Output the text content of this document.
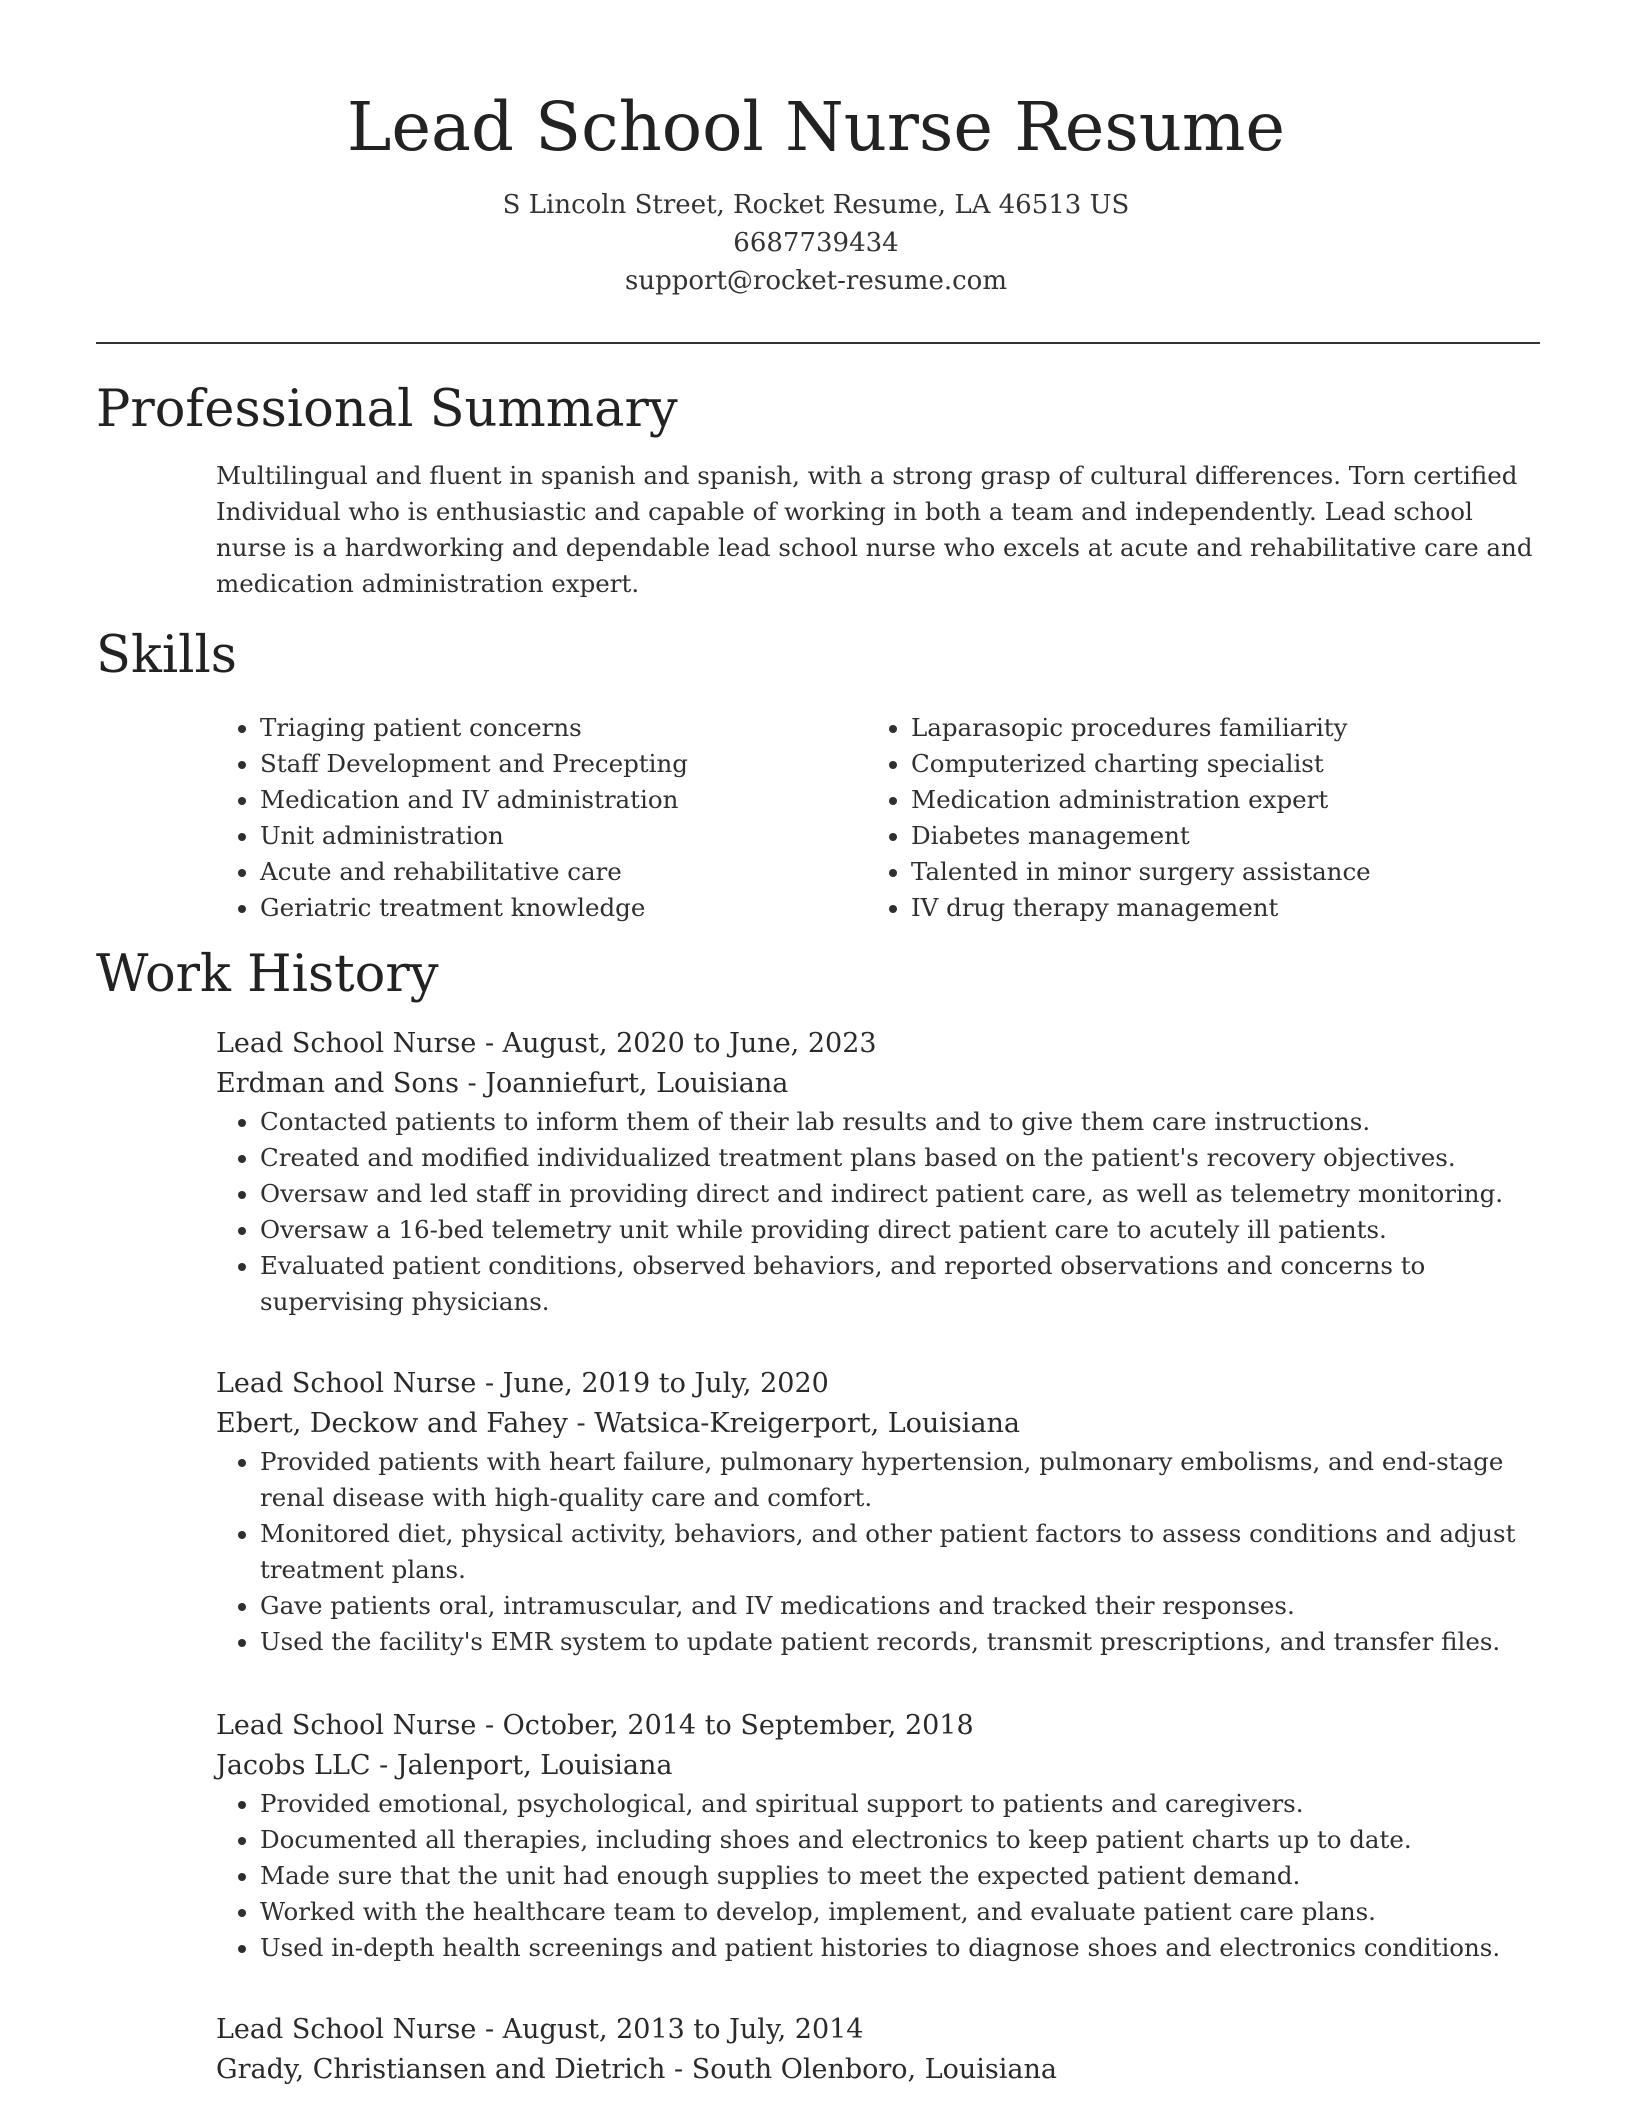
Lead School Nurse Resume
S Lincoln Street, Rocket Resume, LA 46513 US
6687739434
support@rocket-resume.com
Professional Summary

Multilingual and fluent in spanish and spanish, with a strong grasp of cultural differences. Torn certified Individual who is enthusiastic and capable of working in both a team and independently. Lead school nurse is a hardworking and dependable lead school nurse who excels at acute and rehabilitative care and medication administration expert.

Skills
• Triaging patient concerns
• Staff Development and Precepting
• Medication and IV administration
• Unit administration
• Acute and rehabilitative care
• Geriatric treatment knowledge
• Laparasopic procedures familiarity
• Computerized charting specialist
• Medication administration expert
• Diabetes management
• Talented in minor surgery assistance
• IV drug therapy management
Work History
Lead School Nurse - August, 2020 to June, 2023
Erdman and Sons - Joanniefurt, Louisiana
• Contacted patients to inform them of their lab results and to give them care instructions.
• Created and modified individualized treatment plans based on the patient's recovery objectives.
• Oversaw and led staff in providing direct and indirect patient care, as well as telemetry monitoring.
• Oversaw a 16-bed telemetry unit while providing direct patient care to acutely ill patients.
• Evaluated patient conditions, observed behaviors, and reported observations and concerns to supervising physicians.
Lead School Nurse - June, 2019 to July, 2020
Ebert, Deckow and Fahey - Watsica-Kreigerport, Louisiana
• Provided patients with heart failure, pulmonary hypertension, pulmonary embolisms, and end-stage renal disease with high-quality care and comfort.
• Monitored diet, physical activity, behaviors, and other patient factors to assess conditions and adjust treatment plans.
• Gave patients oral, intramuscular, and IV medications and tracked their responses.
• Used the facility's EMR system to update patient records, transmit prescriptions, and transfer files.
Lead School Nurse - October, 2014 to September, 2018
Jacobs LLC - Jalenport, Louisiana
• Provided emotional, psychological, and spiritual support to patients and caregivers.
• Documented all therapies, including shoes and electronics to keep patient charts up to date.
• Made sure that the unit had enough supplies to meet the expected patient demand.
• Worked with the healthcare team to develop, implement, and evaluate patient care plans.
• Used in-depth health screenings and patient histories to diagnose shoes and electronics conditions.
Lead School Nurse - August, 2013 to July, 2014
Grady, Christiansen and Dietrich - South Olenboro, Louisiana
